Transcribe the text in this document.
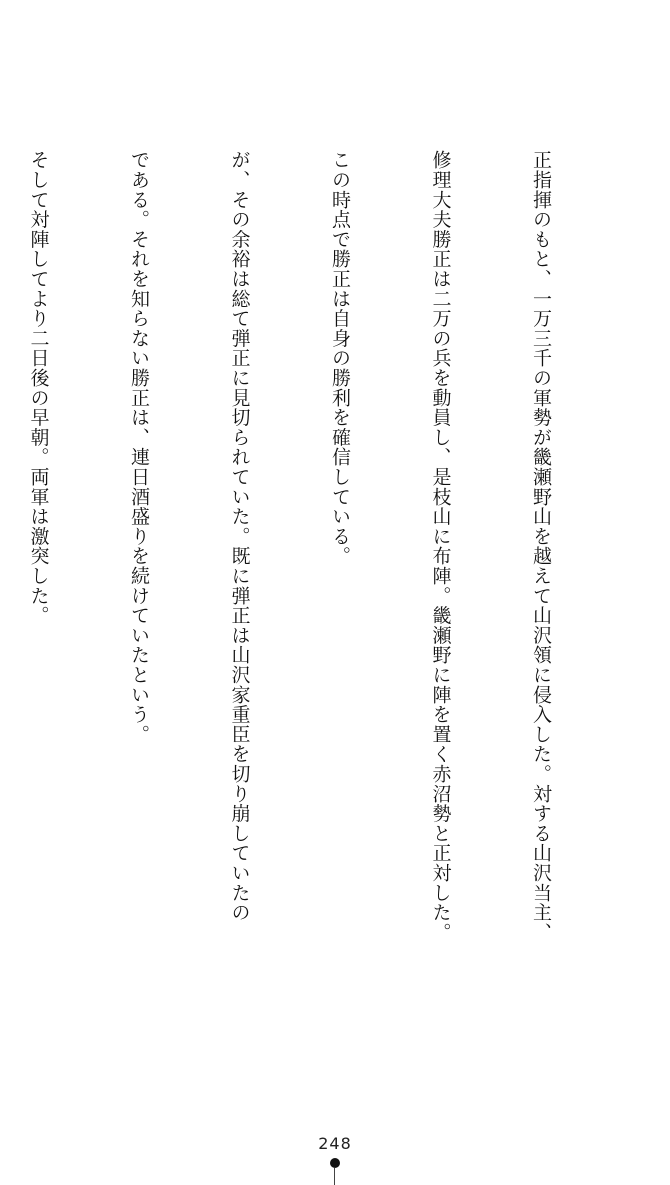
正指揮のもと、一万三千の軍勢が畿瀬野山を越えて山沢領に侵入した。対する山沢当主、

修理大夫勝正は二万の兵を動員し、是枝山に布陣。畿瀬野に陣を置く赤沼勢と正対した。

この時点で勝正は自身の勝利を確信している。

が、その余裕は総て弾正に見切られていた。既に弾正は山沢家重臣を切り崩していたの

である。それを知らない勝正は、連日酒盛りを続けていたという。

そして対陣してより二日後の早朝。両軍は激突した。

248
